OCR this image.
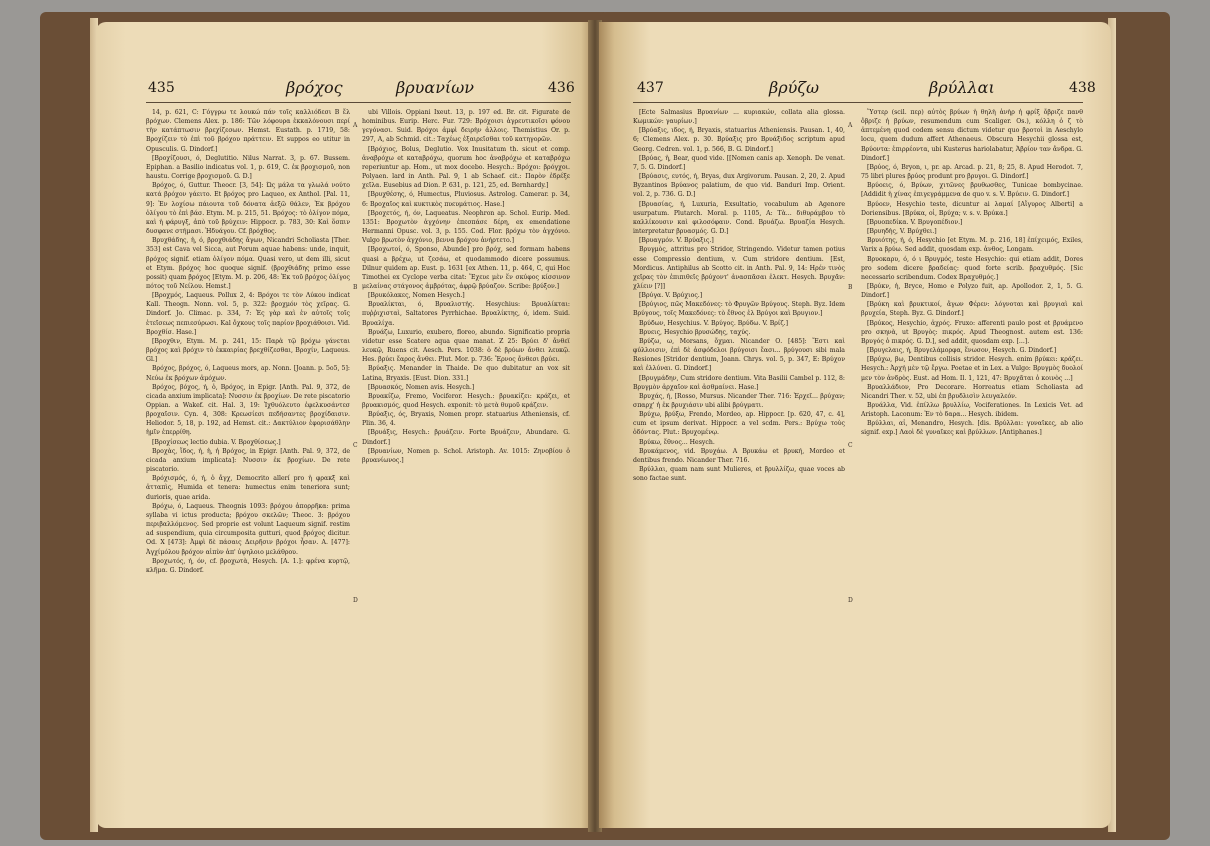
435	βρόχος	βρυανίων	436

14, p. 621, C: Γόγγρω τε λουκώ πάν τοῖς καλλιόδεσι Β ἔλ βρόχων. Clemens Alex. p. 186: Τῶν λόφουρα ἐκκαλόνουσι περί τὴν κατάπτωσιν βρεχίζεσων. Hemst. Eustath. p. 1719, 58: Βροχίζειν τὸ ἐπὶ τοῦ βρόχου πράττειν. Et suppos eo utitur in Opusculis. G. Dindorf.]

[Βροχίζουσι, ό, Deglutitio. Nilus Narrat. 3, p. 67. Bussem. Epiphan. a Basilio indicatus vol. 1, p. 619, C. ἐκ βροχισμοῦ, non haustu. Corrige βροχισμοῦ. G. D.]

Βρόχος, ό, Guttur. Theocr. [3, 54]: Ώς μάλα τα γλωλά νούτο κατά βρόχον γάειτο. Et βρόχος pro Laqueo, ex Anthol. [Pal. 11, 9]: Ἐν λοχίσω πάιουτα τοῦ δόνατα ἀεξῶ θάλεν, Ἐκ βρόχου ὀλίγου τὸ ἐπὶ βάσ. Etym. M. p. 215, 51. Βρόχος: τὸ ὀλίγον πόμα, καὶ ἡ φάρυγξ, ἀπὸ τοῦ βρύχειν: Hippocr. p. 783, 30: Καὶ ὅσπιν δυσφανε στήμασι. Ἡδυάγου. Cf. βρόχθος.

Βρυχθάδης, ἡ, ό, βροχθιάδης ἄγων, Nicandri Scholiasta [Ther. 353] est Cava vel Sicca, aut Porum aquae habens: unde, inquit, βρόχος signif. etiam ὀλίγον πόμα. Quasi vero, ut dem illi, sicut et Etym. βρόχος hoc quoque signif. (βροχθιάδης primo esse possit) quam βρόχος [Etym. M. p. 206, 48: Ἐκ τοῦ βρόχος ὀλίγος πότος τοῦ Νείλου. Hemst.]

[Βροχμός, Laqueus. Pollux 2, 4: Βρόχοι τε τὸν Λύκου indicat Kall. Theogn. Nonn. vol. 5, p. 322: βροχμόν τὸς χεῖρας. G. Dindorf. Jo. Climac. p. 334, 7: Ἐς γὰρ καὶ ἐν αὐτοῖς τοῖς ἐτεῖσεως πεπιεσύρωσι. Kal ὄχκους τοῖς παρίον βροχιάθοισι. Vid. Βροχθίσ. Hase.]

[Βροχθιν, Etym. M. p. 241, 15: Παρὰ τῷ βρόχω γάνεται βρόχος καὶ βρόχιν τὸ ἐκκαιρίας βρεχθίζεσθαι, Bροχίν, Laqueus. Gl.]

Βρόχος, βρόχος, ό, Laqueus mors, ap. Nonn. [Joann. p. 5o5, 5]: Νεύω ἐκ βρόχων ἀμόχων.

Βρόχος, βόχος, ή, ὁ, Βρόχος, in Epigr. [Anth. Pal. 9, 372, de cicada anxium implicata]: Νυσσιν ἐκ βροχίων. De rete piscatorio Oppian. a Wakef. cit. Hal. 3, 19: Ἰχθυόλευτο ἐφελκυσάντεσ βροχαῖσιν. Cyn. 4, 308: Κρεωσίεσι πεδήσαντες βροχίδαισιν. Heliodor. 5, 18, p. 192, ad Hemst. cit.: Δακτύλιον ἐφορισάθλην ἡμῖν ἐπερρίθη.

[Βροχίσεως lectio dubia. V. Βροχθίσεως.]

Βροχὰς, ἴδος, ἡ, ἡ, ἡ Βρόχος, in Epigr. [Anth. Pal. 9, 372, de cicada anxium implicata]: Νυσσιν ἐκ βροχίων. De rete piscatorio.

Βρόχισμός, ό, ή, ὁ ἄγχ, Democrito allerí pro ἡ φρακξ καὶ ἀτταπὶς, Humida et tenera: humectus enim teneriora sunt; durioris, quae arida.

Βρόχω, ό, Laqueus. Theognis 1093: βρόχου ἀπορρῆκα: prima syllaba vi ictus producta; βρόχου σκελῶν; Theoc. 3: βρόχου περιβαλλόμενος. Sed proprie est volunt Laqueum signif. restim ad suspendium, quia circumposita gutturi, quod βρόχος dicitur. Od. X [473]: Ἀμφὶ δὲ πάσαις Δειρῆσιν βρόχοι ἦσαν. A. [477]: Ἀγχίμόλου βρόχον αἰπὺν ἀπ' ὑψηλοιο μελάθρου.

Βροχωτός, ή, όν, cf. βροχωτὰ, Hesych. [A. 1.]: φρένα κυρτῷ, κλῆμα. G. Dindorf.

A
B
C
D

ubi Villois. Oppiani Ixeut. 13, p. 197 ed. Br. cit. Figurate de hominibus. Eurip. Herc. Fur. 729: Βρόχοισι ἀγρευτικοῖσι φόνου γεγόνασι. Suid. Βρόχοι ἀμφὶ δειρὴν ἀλλοις. Themistius Or. p. 297, A, ab Schmid. cit.: Ταχέως ἐξαιρεῖσθαι τοῦ κατηγορῶν.

[Βρόχιος, Bolus, Deglutio. Vox Inusitatum th. sicut et comp. ἀναβρόχω et καταβρόχω, quorum hoc ἀναβρόχω et καταβρόχω reperiuntur ap. Hom., ut mox docebo. Hesych.: Βρόχοι: βρόγχοι. Polyaen. lard in Anth. Pal. 9, 1 ab Schaef. cit.: Παρὸν ἐδρέξε χεῖλα. Eusebius ad Dion. P. 631, p. 121, 25, ed. Bernhardy.]

[Βρυχθέσης, ό, Humectus, Pluviosus. Astrolog. Camerar. p. 34, 6: Βροχαῖος καὶ κυκτικὸς πυευμάτιος. Hase.]

[Βροχετός, ή, όν, Laqueatus. Neophron ap. Schol. Eurip. Med. 1351: Βροχωτὸν ἀγχόνην ἐπεσπάσε δέρη, ex emendatione Hermanni Opusc. vol. 3, p. 155. Cod. Flor. βρόχω τὸν ἀγχόνιο. Vulgo βρωτὸν ἀγχόνιο, βεννα βρόχου ἀνήρτετο.]

[Βροχωτοί, ό, Sponso, Abunde] pro βρόχ, sed formam habens quasi a βρέχω, ut ζεσάω, et quodammodo dicere possumus. Dilnur quidem ap. Eust. p. 1631 [ex Athen. 11, p. 464, C, qui Hoc Timothei ex Cyclope verba citat: Ἔχευε μὲν ἕν σκύφος κίσσινον μελαίνας στάγονος ἀμβρότας, ἀφρῷ βρύαζον. Scribe: βρύξον.]

[Βρυκόλακες, Nomen Hesych.]

Βρυαλίκται, ό, Βρυαλιστής. Hesychius: Βρυαλίκται: πυῤῥιχισταὶ, Saltatores Pyrrhichae. Βρυαλίκτης, ό, idem. Suid. Βρυαλίχα.

Βρυάζω, Luxurio, exubero, floreo, abundo. Significatio propria videtur esse Scatere aqua quae manat. Ζ 25: Βρύει δ' ἄνθεϊ λευκῷ, Ruens cit. Aesch. Pers. 1038: ὁ δὲ βρύων ἄνθει λευκῷ. Hes. βρύει ἔαρος ἄνθει. Plut. Mor. p. 736: Ἔρνος ἄνθεσι βρύει.

Βρύαξις. Menander in Thaide. De quo dubitatur an vox sit Latina, Bryaxis. [Eust. Dion. 331.]

[Βρυασκός, Nomen avis. Hesych.]

Βρυακίζω, Fremo, Vociferor. Hesych.: βρυακίζει: κράζει, et βρυακισμός, quod Hesych. exponit: τὸ μετὰ θυμοῦ κράζειν.

Βρύαξις, ός, Bryaxis, Nomen propr. statuarius Atheniensis, cf. Plin. 36, 4.

[Βρυάξις, Hesych.: βρυάζειν. Forte Βρυάζειν, Abundare. G. Dindorf.]

[Βρυανίων, Nomen p. Schol. Aristoph. Av. 1015: Ζηνοβίου ὁ βρυανίωνος.]

437	βρύζω	βρύλλαι	438

[Ecte Salmasius Βρυανίων ... κυριακών, collata alia glossa. Κωμικών: γαυρίων.]

[Βρύαξις, ιδος, ή, Bryaxis, statuarius Atheniensis. Pausan. 1, 40, 6; Clemens Alex. p. 30. Βρύαξις pro Βρυάξιδος scriptum apud Georg. Cedren. vol. 1, p. 566, B. G. Dindorf.]

[Βρύας, ἡ, Bear, quod vide. [[Nomen canis ap. Xenoph. De venat. 7, 5. G. Dindorf.]

[Βρύασις, ευτός, ή, Bryas, dux Argivorum. Pausan. 2, 20, 2. Apud Byzantinos Βρύανος palatium, de quo vid. Banduri Imp. Orient. vol. 2, p. 736. G. D.]

[Βρυασίας, ή, Luxuria, Exsultatio, vocabulum ab Agenore usurpatum. Plutarch. Moral. p. 1105, A: Τὰ... διθυράμβου τὸ καλλίκουσιν καὶ φιλοσόφαιν. Cond. Βρυάζω. Βρυαζία Hesych. interpretatur βρυασμός. G. D.]

[Βρυαγμόν. V. Βρύαξις.]

Βρυγμὸς, attritus pro Stridor, Stringendo. Videtur tamen potius esse Compressio dentium, v. Cum stridore dentium. [Est, Mordicus. Antiphilus ab Scotto cit. in Anth. Pal. 9, 14: Ηρέν τινὸς χεῖρας τὸν ἐπιπιθεῖς βρύχοντ' ἀνασπᾶσαι ἐλεκτ. Hesych. Βρυχᾶν: χλίειν [?]]

[Βρύγα. V. Βρύχιος.]

[Βρύγιος, πῶς Μακεδόνες: τὸ Φρυγῶν Βρύγους. Steph. Byz. Idem Βρύγους, τοῖς Μακεδόνες: τὸ ἔθνος ἐλ Βρύγοι καὶ Βρυγιον.]

Βρύδων, Hesychius. V. Βρύγος. Βρύδω. V. Βρίζ.]

Βρυεις, Hesychio βρυσώδης, ταχύς.

Βρύζω, ω, Morsans, ὄχμαι. Nicander Ο. [485]: Ἔστι καὶ φύλλοισιν, ἐπὶ δὲ ἀσφόδελοι βρύγοισι ἔασι... βρύγουσι sibi mala Resiones [Stridor dentium, Joann. Chrys. vol. 5, p. 347, E: Βρύχον καὶ ἐλλύναι. G. Dindorf.]

[Βρυγμάδην, Cum stridore dentium. Vita Basilii Cambel p. 112, 8: Βρυγμὸν ἀρχαῖον καὶ ἀσθμαίνει. Hase.]

Βρυχάς, ή, [Rosso, Mursus. Nicander Ther. 716: Ἐρχεῖ... βρύχαν; σπαρχ' ἡ ἐκ βρυχιάσιν ubi alibi βρύγματι.

Βρύχω, βρύξω, Frendo, Mordeo, ap. Hippocr. [p. 620, 47, c. 4], cum et ipsum derivat. Hippocr. a vel scdm. Pers.: Βρύχω τοὺς ὀδόντας. Plut.: Βρυχομένῳ.

Βρύκω, ἔθνος... Hesych.

Βρυκάμενος, vid. Βρυχάω. A Βρυκάω et βρυκή, Mordeo et dentibus frendo. Nicander Ther. 716.

Βρύλλαι, quam nam sunt Mulieres, et βρυλλίζω, quae voces ab sono factae sunt.

A
B
C
D

Ὕστερ (scil. περ) αὐτὸς βρύων ἡ θηλὴ ἀνὴρ ἡ φρίξ ὄβριζε πανθ ὄβριζε ἡ βρύων, resumendum cum Scaliger. Os.), κόλλη ὁ ζ τὸ ἀπτεμένη quod codem sensu dictum videtur quo βροτοὶ in Aeschylo locu, quem dudum affert Athenaeus. Obscura Hesychii glossa est, Βρύοντα: ἐπιρρέοντα, ubi Kusterus hariolabatur, Ἀβρίον ταν ἄνδρα. G. Dindorf.]

[Βρύος, ό, Bryon, ι, pr. ap. Arcad. p. 21, 8; 25, 8. Apud Herodot. 7, 75 libri plures βρύος produnt pro βρυγοι. G. Dindorf.]

Βρύοεις, ό, Βρύων, χιτῶνες βρυθωσθες, Tunicae bombycinae. [Addidit ἡ χίνας ἐπιγεγράμμενα de quo v. s. V. Βρύειν. G. Dindorf.]

Βρύοεν, Hesychio teste, dicuntur ai λαμαί [Αἴγυρος Alberti] a Doriensibus. [Βρύκα, οἱ, Βρύχα; v. s. v. Βρύκα.]

[Βρυοπεδίκα. V. Βρυγοπέδιον.]

[Βρυηδὴς, V. Βρύχθει.]

Βρυιότης, ή, ό, Hesychio [et Etym. M. p. 216, 18] ἐπίχειμός, Exiles, Varix a βρύω. Sed addit, quosdam exp. ἀνθος, Longam.

Βρυοκαρυ, ό, ό ι Βρυγμός, teste Hesychio: qui etiam addit, Dores pro sodem dicere βραδείας: quod forte scrib. βραχυθμός. [Sic necessario scribendum. Codex Βραχυθμός.]

[Βρύκν, ἡ, Bryce, Homo e Polyzo fuit, ap. Apollodor. 2, 1, 5. G. Dindorf.]

[Βρύκη καὶ βρυκτικοί, ἄγων Φέρεν: λόγνοται καὶ βρυγιαὶ καὶ βρυχεία, Steph. Byz. G. Dindorf.]

[Βρύκος, Hesychio, ἀχρός. Fruxo: afferenti paulo post et βρυάμενο pro σκηνὰ, ut Βρυγὸς: πικρός. Apud Theognost. autem est. 136: Βρυγός ὁ πικρός. G. D.], sed addit, quosdam exp. [...].

[Βρυγελαις, ή, Βρυγελάμορφα, ἕνωσον, Hesych. G. Dindorf.]

[Βρύχω, βω, Dentibus collisis stridor. Hesych. enim βρύκει: κράζει. Hesych.: Ἀρχή μὲν τῷ ἔργω. Poetae et in Lex. a Vulgo: Βρυγμὸς δυολοί μεν τὸν ἀνδρὸς. Eust. ad Hom. Il. 1, 121, 47: Βρυχᾶται ὁ κοινὸς ...]

Βρυαλλάδιον, Pro Decorare. Horreatus etiam Scholiasta ad Nicandri Ther. v. 52, ubi ἐπ βρυδλισὶν λευγαλεόν.

Βρυάλλα, Vid. ἐπίλλω βρυλλίω, Vociferationes. In Lexicis Vet. ad Aristoph. Laconum: Ἐν τὸ δαρα... Hesych. ibidem.

Βρύλλαι, αἱ, Menandro, Hesych. [dis. Βρύλλαι: γυναῖκες, ab alio signif. exp.] Λαοὶ δὲ γυναῖκες καὶ βρύλλων. [Antiphanes.]
